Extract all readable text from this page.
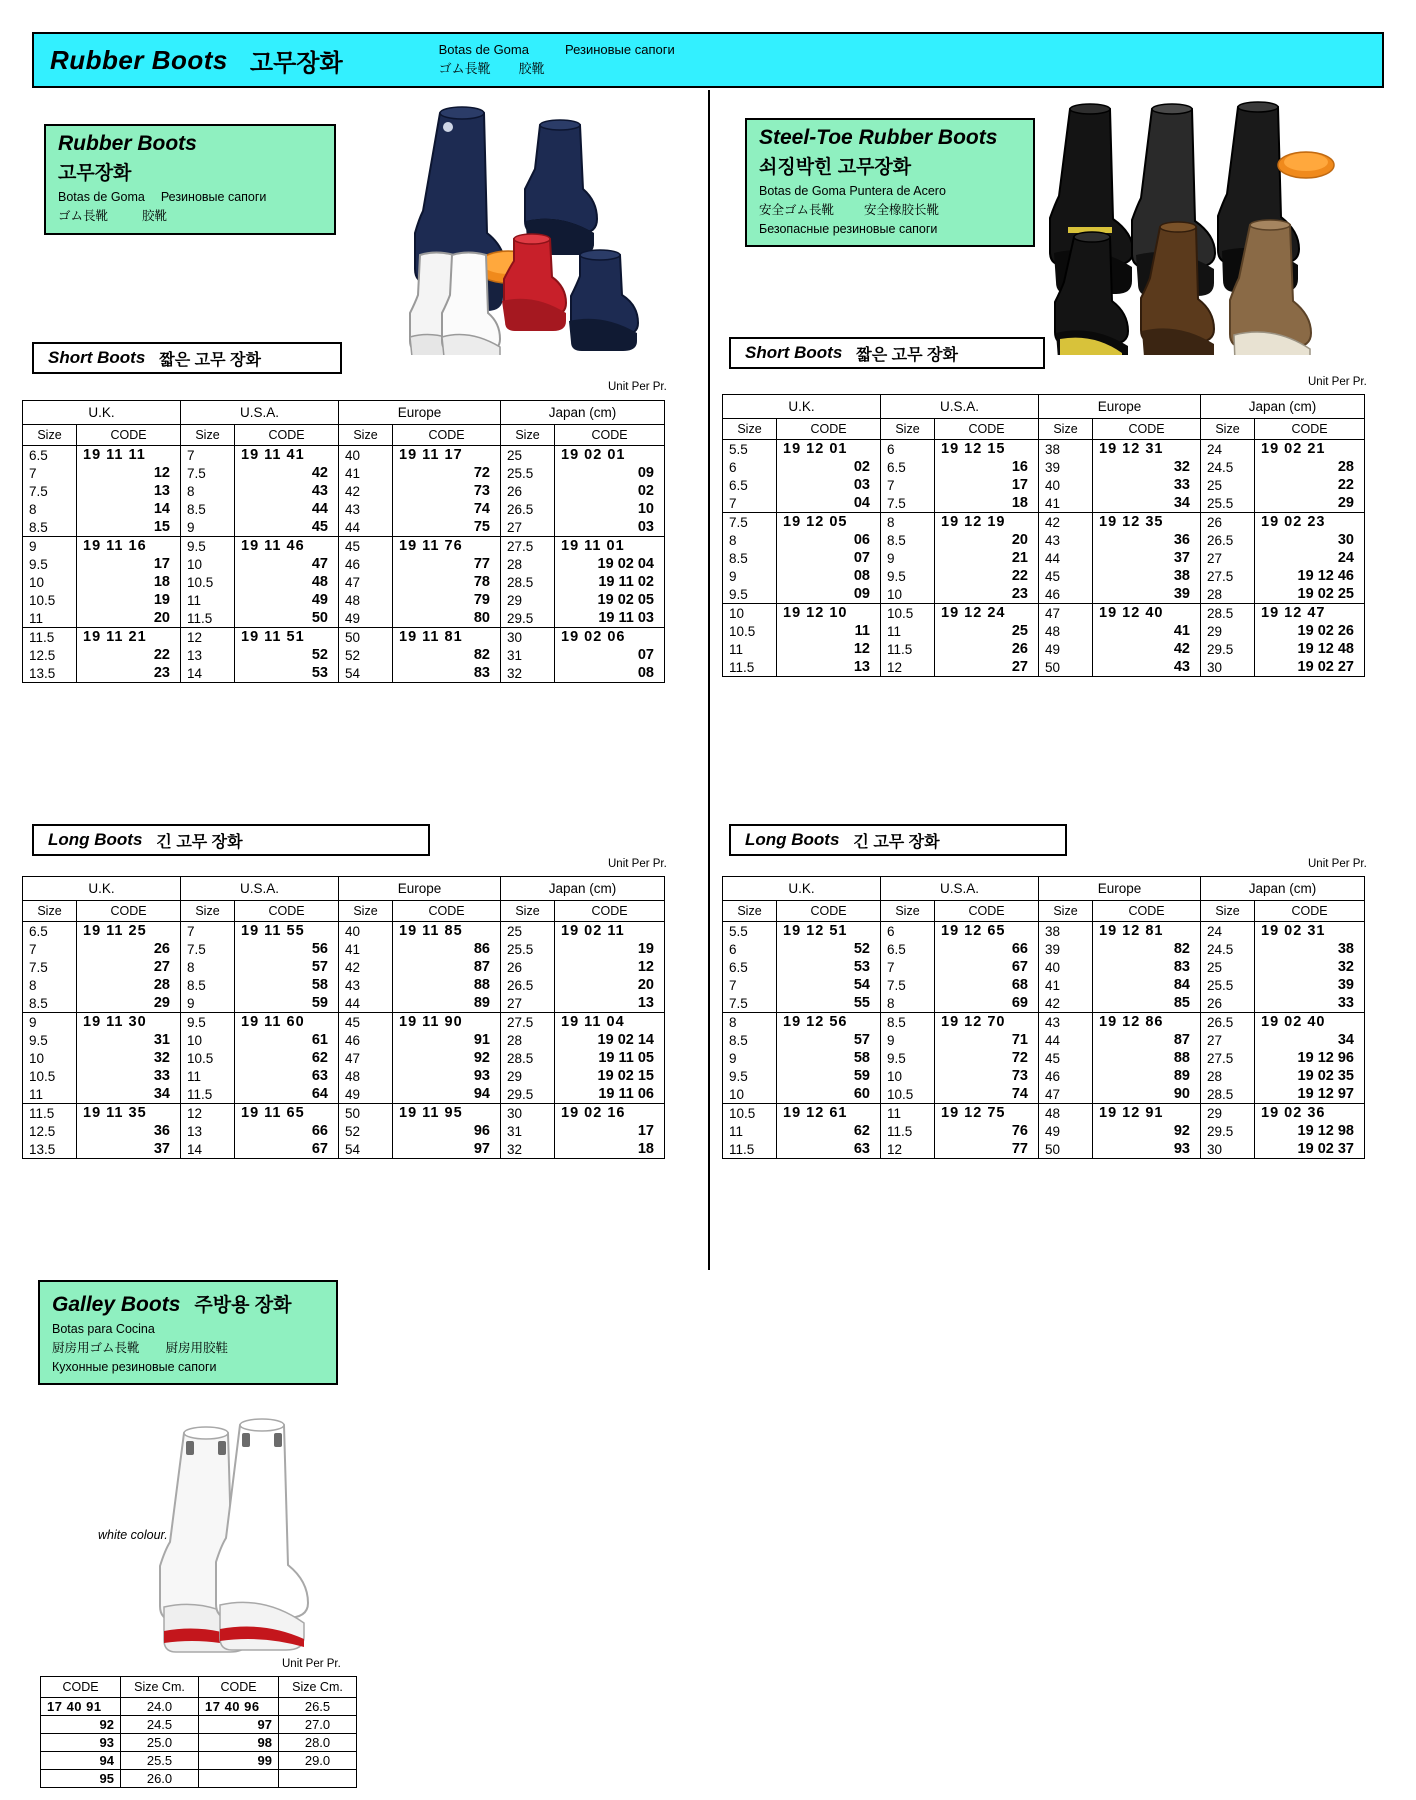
Rubber Boots 고무장화	Botas de Goma	Резиновые сапоги
ゴム長靴 胶靴
Rubber Boots
고무장화
Botas de Goma Резиновые сапоги
ゴム長靴	胶靴
Steel-Toe Rubber Boots
쇠징박힌 고무장화
Botas de Goma Puntera de Acero
安全ゴム長靴 安全橡胶长靴
Безопасные резиновые сапоги
Short Boots 짧은 고무 장화
Unit Per Pr.
U.K.		U.S.A.		Europe		Japan (cm)	
Size	CODE	Size	CODE	Size	CODE	Size	CODE
6.5	19 11 11	7	19 11 41	40	19 11 17	25	19 02 01
7	12	7.5	42	41	72	25.5	09
7.5	13	8	43	42	73	26	02
8	14	8.5	44	43	74	26.5	10
8.5	15	9	45	44	75	27	03
9	19 11 16	9.5	19 11 46	45	19 11 76	27.5	19 11 01
9.5	17	10	47	46	77	28	19 02 04
10	18	10.5	48	47	78	28.5	19 11 02
10.5	19	11	49	48	79	29	19 02 05
11	20	11.5	50	49	80	29.5	19 11 03
11.5	19 11 21	12	19 11 51	50	19 11 81	30	19 02 06
12.5	22	13	52	52	82	31	07
13.5	23	14	53	54	83	32	08
Short Boots 짧은 고무 장화
Unit Per Pr.
U.K.		U.S.A.		Europe		Japan (cm)	
Size	CODE	Size	CODE	Size	CODE	Size	CODE
5.5	19 12 01	6	19 12 15	38	19 12 31	24	19 02 21
6	02	6.5	16	39	32	24.5	28
6.5	03	7	17	40	33	25	22
7	04	7.5	18	41	34	25.5	29
7.5	19 12 05	8	19 12 19	42	19 12 35	26	19 02 23
8	06	8.5	20	43	36	26.5	30
8.5	07	9	21	44	37	27	24
9	08	9.5	22	45	38	27.5	19 12 46
9.5	09	10	23	46	39	28	19 02 25
10	19 12 10	10.5	19 12 24	47	19 12 40	28.5	19 12 47
10.5	11	11	25	48	41	29	19 02 26
11	12	11.5	26	49	42	29.5	19 12 48
11.5	13	12	27	50	43	30	19 02 27
Long Boots 긴 고무 장화
Unit Per Pr.
U.K.		U.S.A.		Europe		Japan (cm)	
Size	CODE	Size	CODE	Size	CODE	Size	CODE
6.5	19 11 25	7	19 11 55	40	19 11 85	25	19 02 11
7	26	7.5	56	41	86	25.5	19
7.5	27	8	57	42	87	26	12
8	28	8.5	58	43	88	26.5	20
8.5	29	9	59	44	89	27	13
9	19 11 30	9.5	19 11 60	45	19 11 90	27.5	19 11 04
9.5	31	10	61	46	91	28	19 02 14
10	32	10.5	62	47	92	28.5	19 11 05
10.5	33	11	63	48	93	29	19 02 15
11	34	11.5	64	49	94	29.5	19 11 06
11.5	19 11 35	12	19 11 65	50	19 11 95	30	19 02 16
12.5	36	13	66	52	96	31	17
13.5	37	14	67	54	97	32	18
Long Boots 긴 고무 장화
Unit Per Pr.
U.K.		U.S.A.		Europe		Japan (cm)	
Size	CODE	Size	CODE	Size	CODE	Size	CODE
5.5	19 12 51	6	19 12 65	38	19 12 81	24	19 02 31
6	52	6.5	66	39	82	24.5	38
6.5	53	7	67	40	83	25	32
7	54	7.5	68	41	84	25.5	39
7.5	55	8	69	42	85	26	33
8	19 12 56	8.5	19 12 70	43	19 12 86	26.5	19 02 40
8.5	57	9	71	44	87	27	34
9	58	9.5	72	45	88	27.5	19 12 96
9.5	59	10	73	46	89	28	19 02 35
10	60	10.5	74	47	90	28.5	19 12 97
10.5	19 12 61	11	19 12 75	48	19 12 91	29	19 02 36
11	62	11.5	76	49	92	29.5	19 12 98
11.5	63	12	77	50	93	30	19 02 37
Galley Boots 주방용 장화
Botas para Cocina
厨房用ゴム長靴 厨房用胶鞋
Кухонные резиновые сапоги
white colour.
Unit Per Pr.
CODE	Size Cm.	CODE	Size Cm.
17 40 91	24.0	17 40 96	26.5
92	24.5	97	27.0
93	25.0	98	28.0
94	25.5	99	29.0
95	26.0		
